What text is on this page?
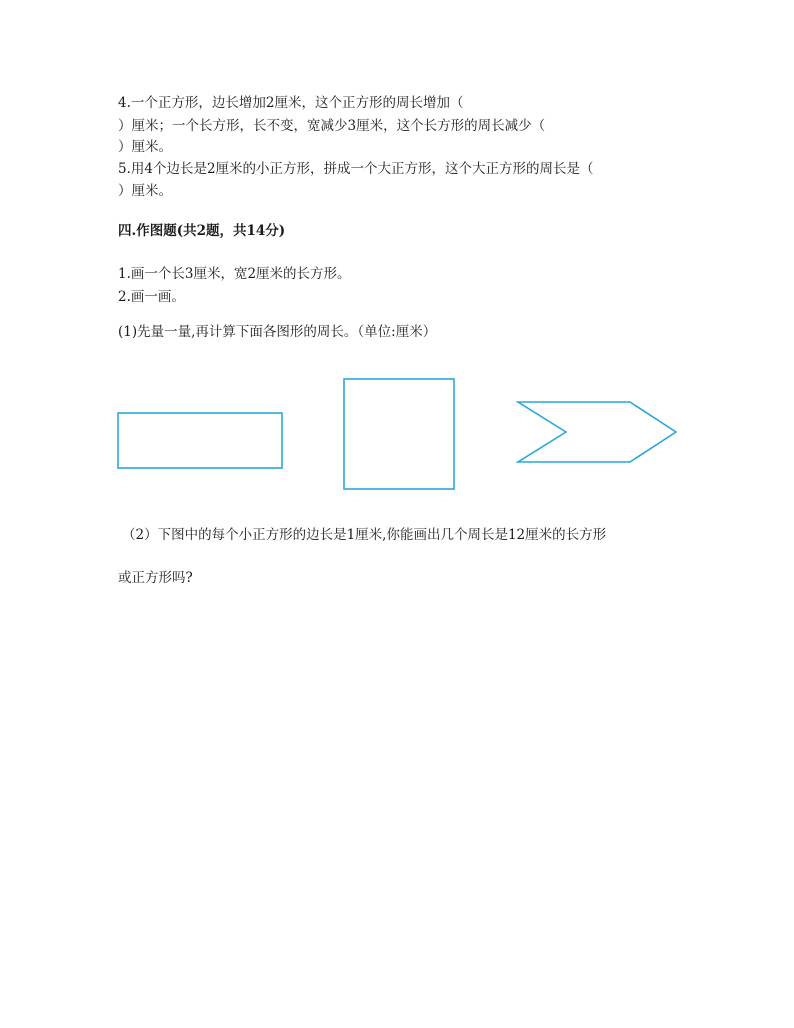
4.一个正方形，边长增加2厘米，这个正方形的周长增加（
）厘米；一个长方形，长不变，宽减少3厘米，这个长方形的周长减少（
）厘米。
5.用4个边长是2厘米的小正方形，拼成一个大正方形，这个大正方形的周长是（
）厘米。
四.作图题(共2题，共14分)
1.画一个长3厘米，宽2厘米的长方形。
2.画一画。
(1)先量一量,再计算下面各图形的周长。（单位:厘米）
（2）下图中的每个小正方形的边长是1厘米,你能画出几个周长是12厘米的长方形
或正方形吗?
